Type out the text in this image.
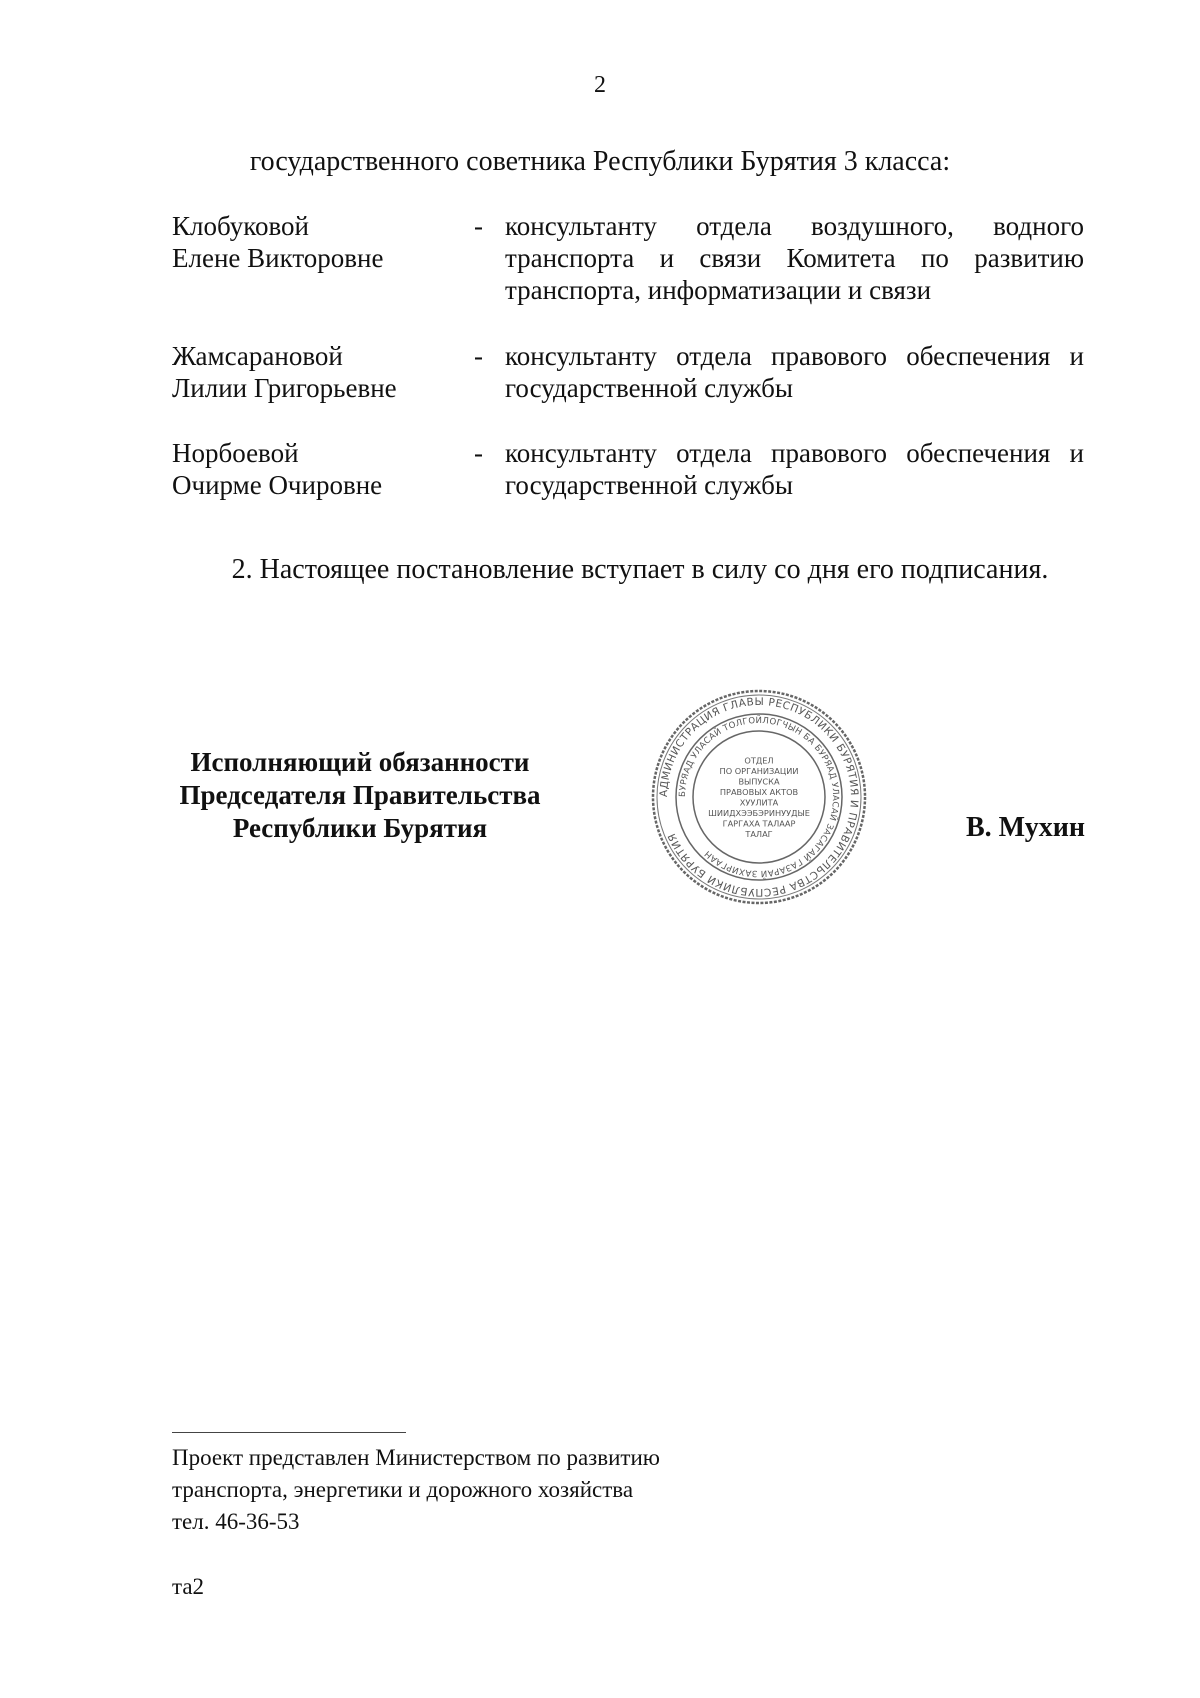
2
государственного советника Республики Бурятия 3 класса:
Клобуковой
Елене Викторовне
- консультанту отдела воздушного, водного
транспорта и связи Комитета по развитию
транспорта, информатизации и связи
Жамсарановой
Лилии Григорьевне
- консультанту отдела правового обеспечения и
государственной службы
Норбоевой
Очирме Очировне
- консультанту отдела правового обеспечения и
государственной службы
2. Настоящее постановление вступает в силу со дня его подписания.
Исполняющий обязанности
Председателя Правительства
Республики Бурятия
АДМИНИСТРАЦИЯ ГЛАВЫ РЕСПУБЛИКИ БУРЯТИЯ И ПРАВИТЕЛЬСТВА РЕСПУБЛИКИ БУРЯТИЯ
БУРЯАД УЛАСАЙ ТОЛГОЙЛОГЧЫН БА БУРЯАД УЛАСАЙ ЗАСАГАЙ ГАЗАРАЙ ЗАХИРГААН
ОТДЕЛ
ПО ОРГАНИЗАЦИИ
ВЫПУСКА
ПРАВОВЫХ АКТОВ
ХУУЛИТА
ШИИДХЭЭБЭРИНУУДЫЕ
ГАРГАХА ТАЛААР
ТАЛАГ	В. Мухин
Проект представлен Министерством по развитию
транспорта, энергетики и дорожного хозяйства
тел. 46-36-53
та2
